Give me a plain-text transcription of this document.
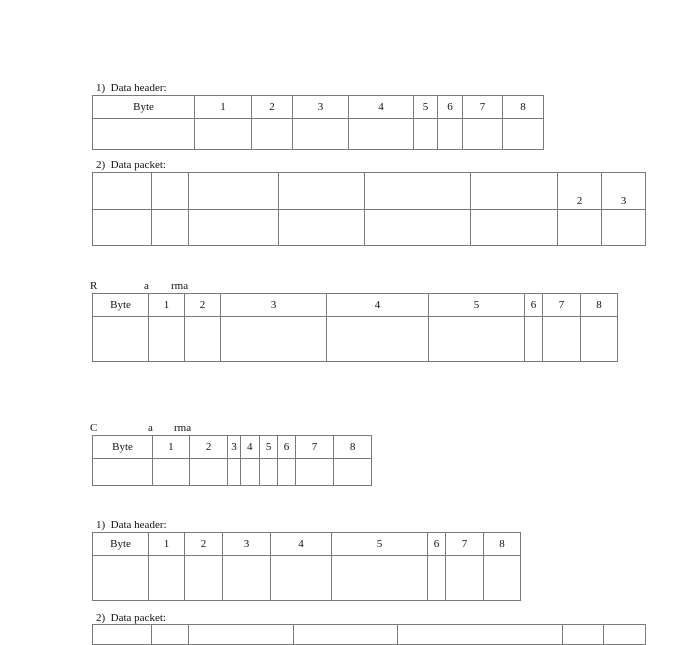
1)  Data header:
Byte	1	2	3	4	5	6	7	8

2)  Data packet:
						2	3

R	a rma
Byte	1	2	3	4	5	6	7	8

C	a rma
Byte	1	2	3	4	5	6	7	8

1)  Data header:
Byte	1	2	3	4	5	6	7	8

2)  Data packet:
